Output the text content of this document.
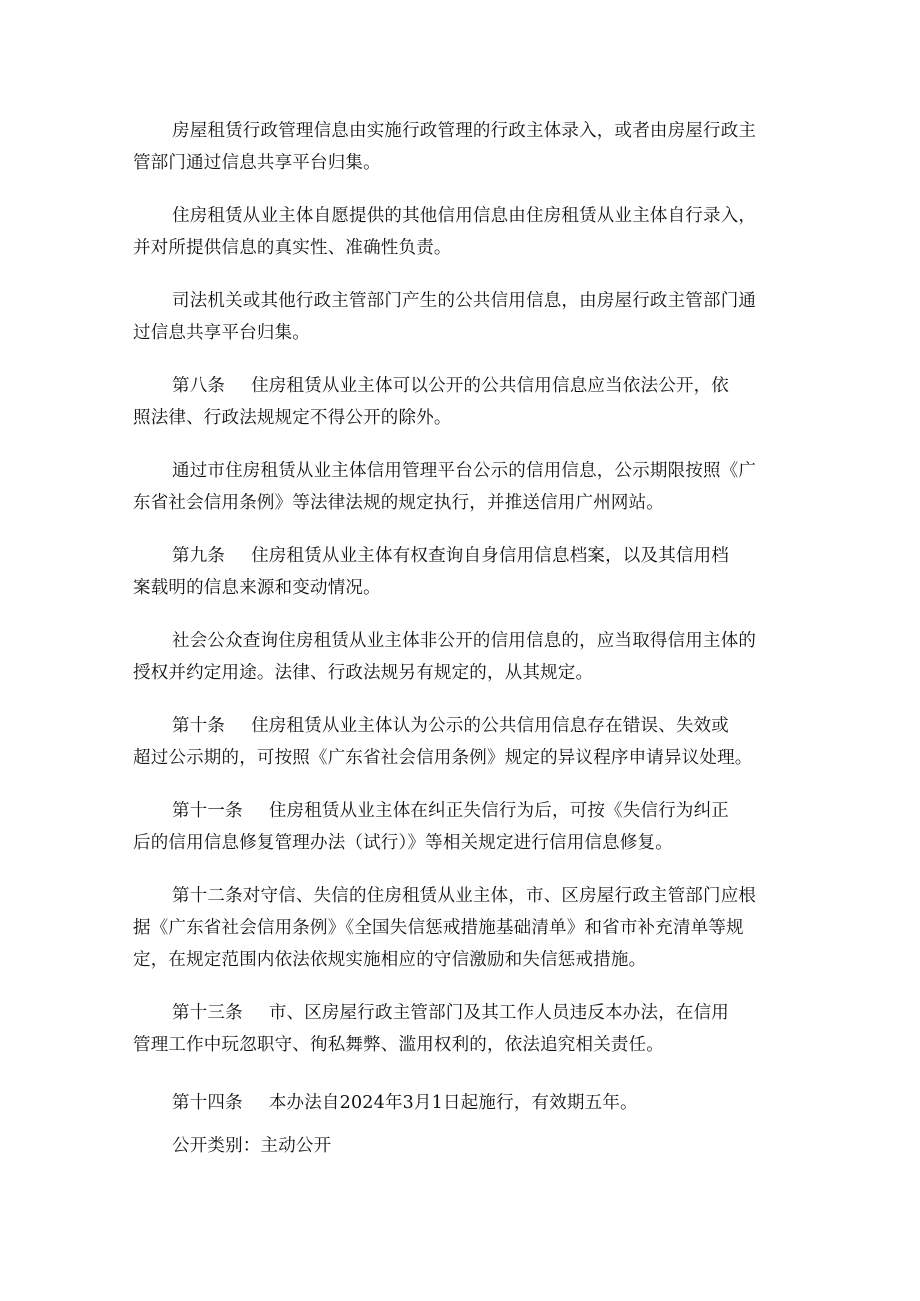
房屋租赁行政管理信息由实施行政管理的行政主体录入，或者由房屋行政主
管部门通过信息共享平台归集。
住房租赁从业主体自愿提供的其他信用信息由住房租赁从业主体自行录入，
并对所提供信息的真实性、准确性负责。
司法机关或其他行政主管部门产生的公共信用信息，由房屋行政主管部门通
过信息共享平台归集。
第八条 住房租赁从业主体可以公开的公共信用信息应当依法公开，依
照法律、行政法规规定不得公开的除外。
通过市住房租赁从业主体信用管理平台公示的信用信息，公示期限按照《广
东省社会信用条例》等法律法规的规定执行，并推送信用广州网站。
第九条 住房租赁从业主体有权查询自身信用信息档案，以及其信用档
案载明的信息来源和变动情况。
社会公众查询住房租赁从业主体非公开的信用信息的，应当取得信用主体的
授权并约定用途。法律、行政法规另有规定的，从其规定。
第十条 住房租赁从业主体认为公示的公共信用信息存在错误、失效或
超过公示期的，可按照《广东省社会信用条例》规定的异议程序申请异议处理。
第十一条 住房租赁从业主体在纠正失信行为后，可按《失信行为纠正
后的信用信息修复管理办法（试行）》等相关规定进行信用信息修复。
第十二条对守信、失信的住房租赁从业主体，市、区房屋行政主管部门应根
据《广东省社会信用条例》《全国失信惩戒措施基础清单》和省市补充清单等规
定，在规定范围内依法依规实施相应的守信激励和失信惩戒措施。
第十三条 市、区房屋行政主管部门及其工作人员违反本办法，在信用
管理工作中玩忽职守、徇私舞弊、滥用权利的，依法追究相关责任。
第十四条 本办法自2024年3月1日起施行，有效期五年。
公开类别：主动公开
